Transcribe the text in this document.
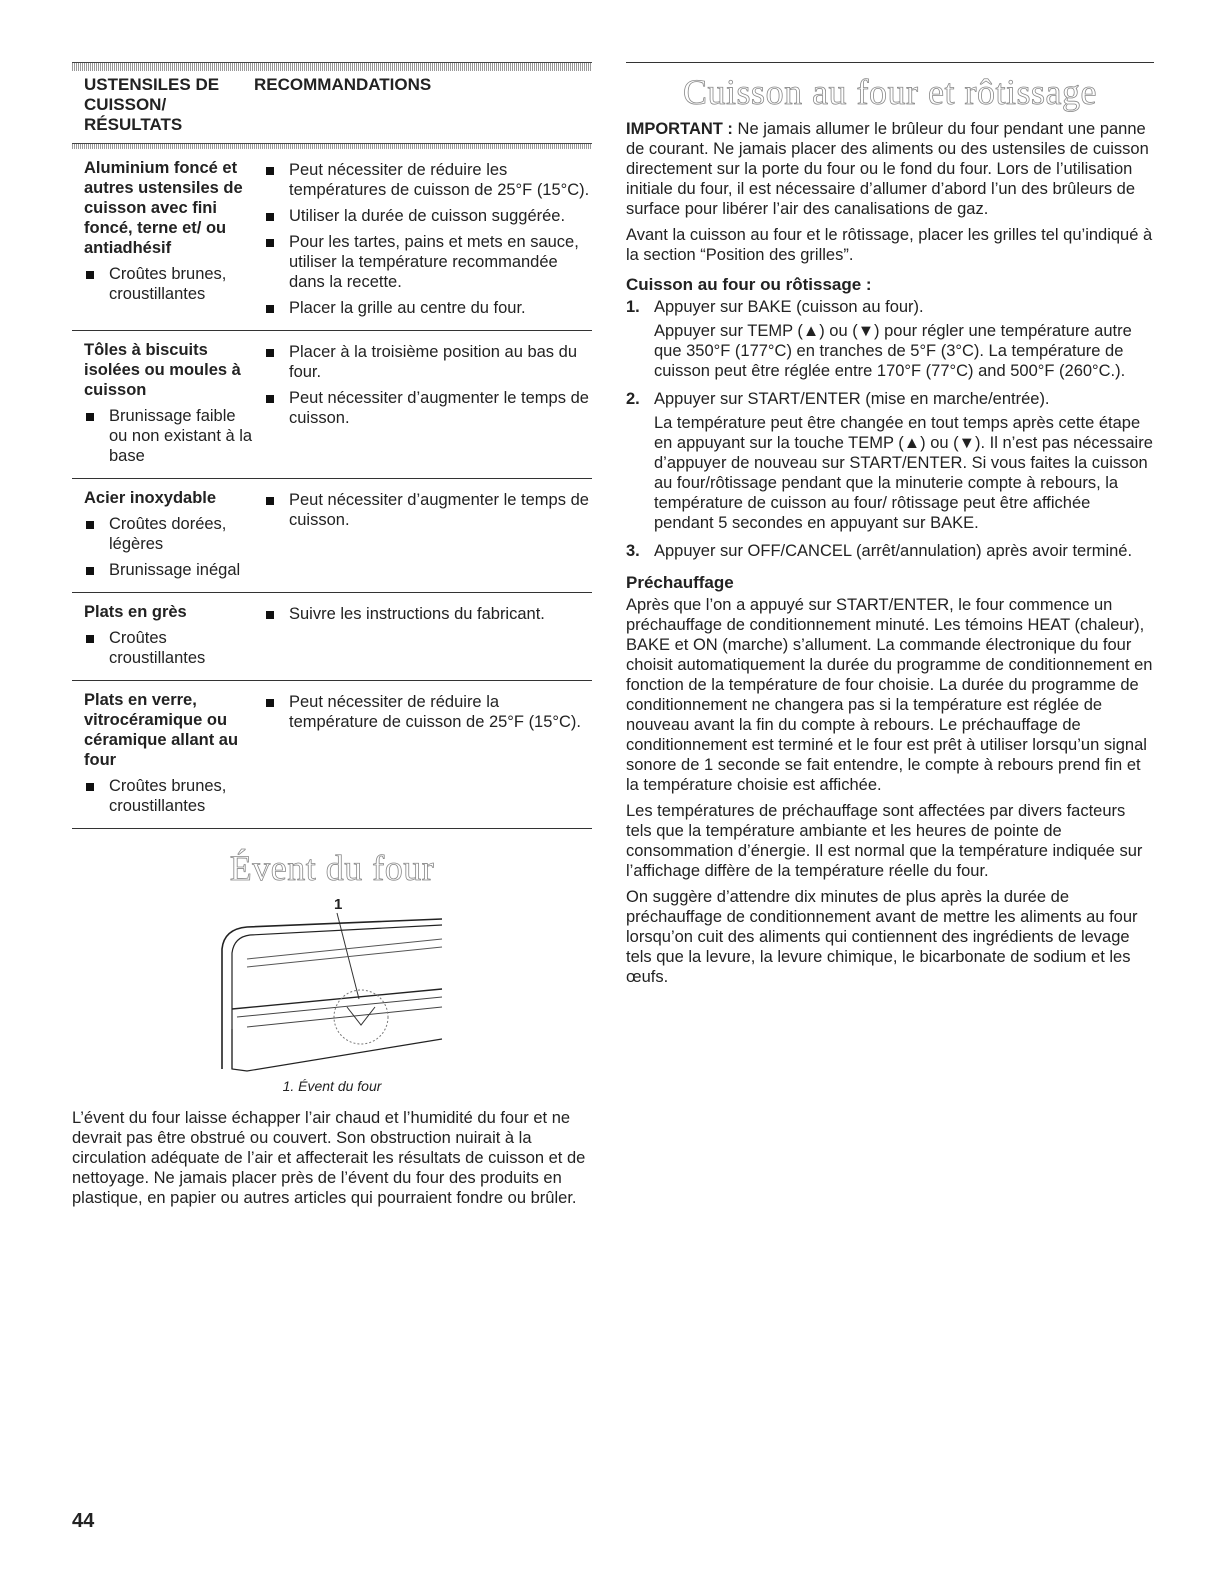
USTENSILES DE CUISSON/ RÉSULTATS
RECOMMANDATIONS
Aluminium foncé et autres ustensiles de cuisson avec fini foncé, terne et/ ou antiadhésif
Croûtes brunes, croustillantes
Peut nécessiter de réduire les températures de cuisson de 25°F (15°C).
Utiliser la durée de cuisson suggérée.
Pour les tartes, pains et mets en sauce, utiliser la température recommandée dans la recette.
Placer la grille au centre du four.
Tôles à biscuits isolées ou moules à cuisson
Brunissage faible ou non existant à la base
Placer à la troisième position au bas du four.
Peut nécessiter d’augmenter le temps de cuisson.
Acier inoxydable
Croûtes dorées, légères
Brunissage inégal
Peut nécessiter d’augmenter le temps de cuisson.
Plats en grès
Croûtes croustillantes
Suivre les instructions du fabricant.
Plats en verre, vitrocéramique ou céramique allant au four
Croûtes brunes, croustillantes
Peut nécessiter de réduire la température de cuisson de 25°F (15°C).
Évent du four
1
1. Évent du four

L’évent du four laisse échapper l’air chaud et l’humidité du four et ne devrait pas être obstrué ou couvert. Son obstruction nuirait à la circulation adéquate de l’air et affecterait les résultats de cuisson et de nettoyage. Ne jamais placer près de l’évent du four des produits en plastique, en papier ou autres articles qui pourraient fondre ou brûler.

Cuisson au four et rôtissage

IMPORTANT : Ne jamais allumer le brûleur du four pendant une panne de courant. Ne jamais placer des aliments ou des ustensiles de cuisson directement sur la porte du four ou le fond du four. Lors de l’utilisation initiale du four, il est nécessaire d’allumer d’abord l’un des brûleurs de surface pour libérer l’air des canalisations de gaz.

Avant la cuisson au four et le rôtissage, placer les grilles tel qu’indiqué à la section “Position des grilles”.

Cuisson au four ou rôtissage :
1. Appuyer sur BAKE (cuisson au four).
Appuyer sur TEMP (▲) ou (▼) pour régler une température autre que 350°F (177°C) en tranches de 5°F (3°C). La température de cuisson peut être réglée entre 170°F (77°C) and 500°F (260°C.).
2. Appuyer sur START/ENTER (mise en marche/entrée).
La température peut être changée en tout temps après cette étape en appuyant sur la touche TEMP (▲) ou (▼). Il n’est pas nécessaire d’appuyer de nouveau sur START/ENTER. Si vous faites la cuisson au four/rôtissage pendant que la minuterie compte à rebours, la température de cuisson au four/ rôtissage peut être affichée pendant 5 secondes en appuyant sur BAKE.
3. Appuyer sur OFF/CANCEL (arrêt/annulation) après avoir terminé.
Préchauffage

Après que l’on a appuyé sur START/ENTER, le four commence un préchauffage de conditionnement minuté. Les témoins HEAT (chaleur), BAKE et ON (marche) s’allument. La commande électronique du four choisit automatiquement la durée du programme de conditionnement en fonction de la température de four choisie. La durée du programme de conditionnement ne changera pas si la température est réglée de nouveau avant la fin du compte à rebours. Le préchauffage de conditionnement est terminé et le four est prêt à utiliser lorsqu’un signal sonore de 1 seconde se fait entendre, le compte à rebours prend fin et la température choisie est affichée.

Les températures de préchauffage sont affectées par divers facteurs tels que la température ambiante et les heures de pointe de consommation d’énergie. Il est normal que la température indiquée sur l’affichage diffère de la température réelle du four.

On suggère d’attendre dix minutes de plus après la durée de préchauffage de conditionnement avant de mettre les aliments au four lorsqu’on cuit des aliments qui contiennent des ingrédients de levage tels que la levure, la levure chimique, le bicarbonate de sodium et les œufs.

44
